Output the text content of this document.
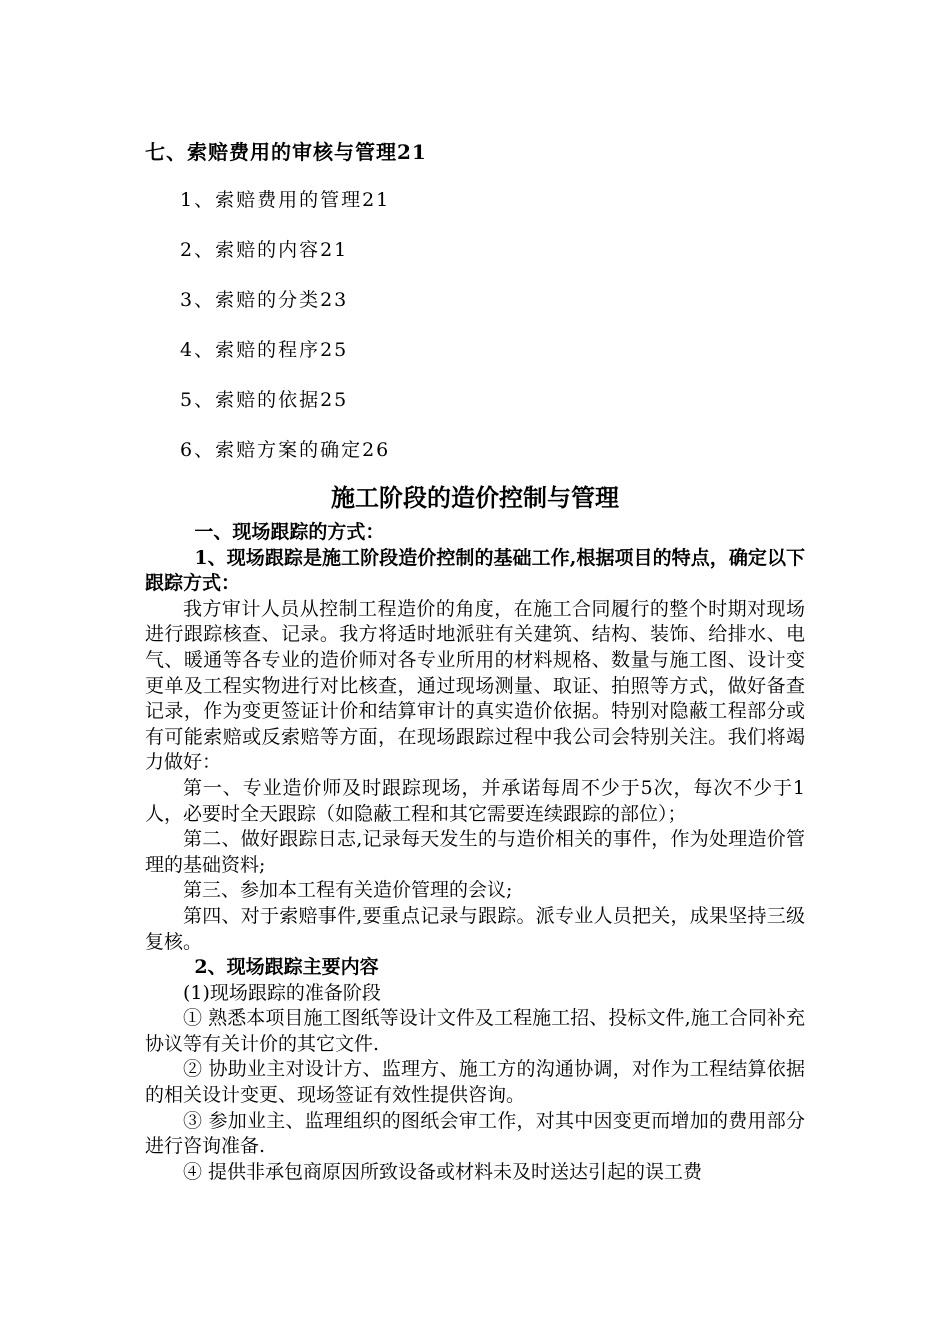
七、索赔费用的审核与管理21
1、索赔费用的管理21
2、索赔的内容21
3、索赔的分类23
4、索赔的程序25
5、索赔的依据25
6、索赔方案的确定26
施工阶段的造价控制与管理

一、现场跟踪的方式：

1、现场跟踪是施工阶段造价控制的基础工作,根据项目的特点，确定以下跟踪方式：

我方审计人员从控制工程造价的角度，在施工合同履行的整个时期对现场进行跟踪核查、记录。我方将适时地派驻有关建筑、结构、装饰、给排水、电气、暖通等各专业的造价师对各专业所用的材料规格、数量与施工图、设计变更单及工程实物进行对比核查，通过现场测量、取证、拍照等方式，做好备查记录，作为变更签证计价和结算审计的真实造价依据。特别对隐蔽工程部分或有可能索赔或反索赔等方面，在现场跟踪过程中我公司会特别关注。我们将竭力做好：

第一、专业造价师及时跟踪现场，并承诺每周不少于5次，每次不少于1人，必要时全天跟踪（如隐蔽工程和其它需要连续跟踪的部位）；

第二、做好跟踪日志,记录每天发生的与造价相关的事件，作为处理造价管理的基础资料;

第三、参加本工程有关造价管理的会议;

第四、对于索赔事件,要重点记录与跟踪。派专业人员把关，成果坚持三级复核。

2、现场跟踪主要内容

(1)现场跟踪的准备阶段

① 熟悉本项目施工图纸等设计文件及工程施工招、投标文件,施工合同补充协议等有关计价的其它文件.

② 协助业主对设计方、监理方、施工方的沟通协调，对作为工程结算依据的相关设计变更、现场签证有效性提供咨询。

③ 参加业主、监理组织的图纸会审工作，对其中因变更而增加的费用部分进行咨询准备.

④ 提供非承包商原因所致设备或材料未及时送达引起的误工费
